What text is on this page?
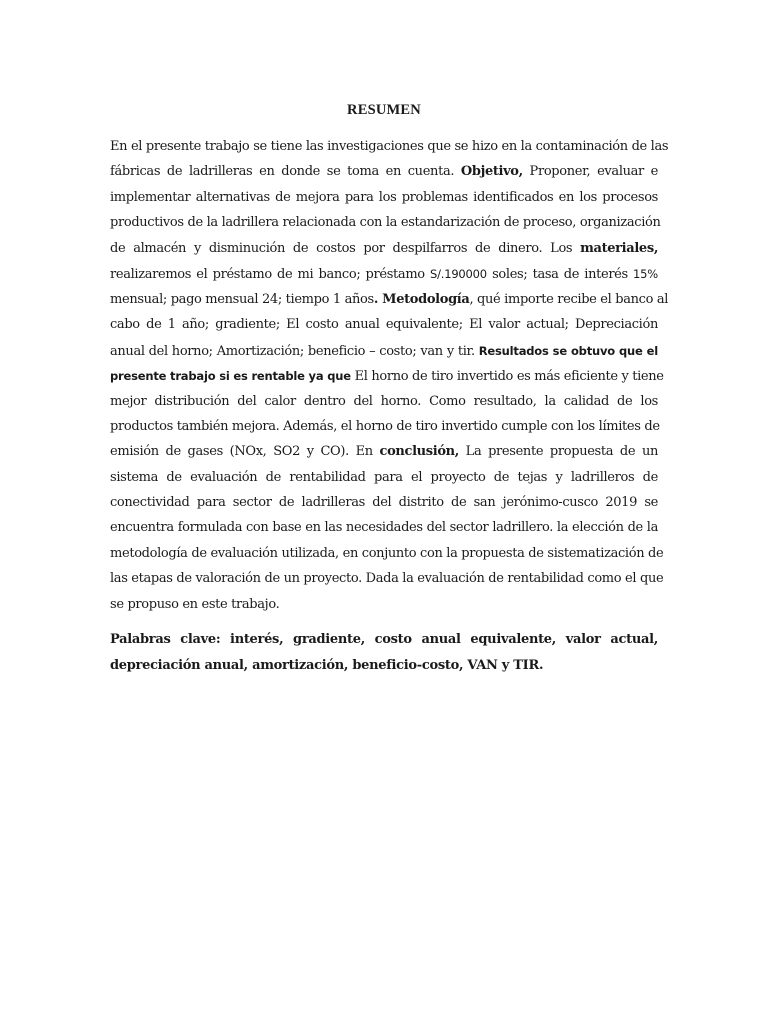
RESUMEN
En el presente trabajo se tiene las investigaciones que se hizo en la contaminación de las
fábricas de ladrilleras en donde se toma en cuenta. Objetivo, Proponer, evaluar e
implementar alternativas de mejora para los problemas identificados en los procesos
productivos de la ladrillera relacionada con la estandarización de proceso, organización
de almacén y disminución de costos por despilfarros de dinero. Los materiales,
realizaremos el préstamo de mi banco; préstamo S/.190000 soles; tasa de interés 15%
mensual; pago mensual 24; tiempo 1 años. Metodología, qué importe recibe el banco al
cabo de 1 año; gradiente; El costo anual equivalente; El valor actual; Depreciación
anual del horno; Amortización; beneficio – costo; van y tir. Resultados se obtuvo que el
presente trabajo si es rentable ya que El horno de tiro invertido es más eficiente y tiene
mejor distribución del calor dentro del horno. Como resultado, la calidad de los
productos también mejora. Además, el horno de tiro invertido cumple con los límites de
emisión de gases (NOx, SO2 y CO). En conclusión, La presente propuesta de un
sistema de evaluación de rentabilidad para el proyecto de tejas y ladrilleros de
conectividad para sector de ladrilleras del distrito de san jerónimo-cusco 2019 se
encuentra formulada con base en las necesidades del sector ladrillero. la elección de la
metodología de evaluación utilizada, en conjunto con la propuesta de sistematización de
las etapas de valoración de un proyecto. Dada la evaluación de rentabilidad como el que
se propuso en este trabajo.
Palabras clave: interés, gradiente, costo anual equivalente, valor actual,
depreciación anual, amortización, beneficio-costo, VAN y TIR.
